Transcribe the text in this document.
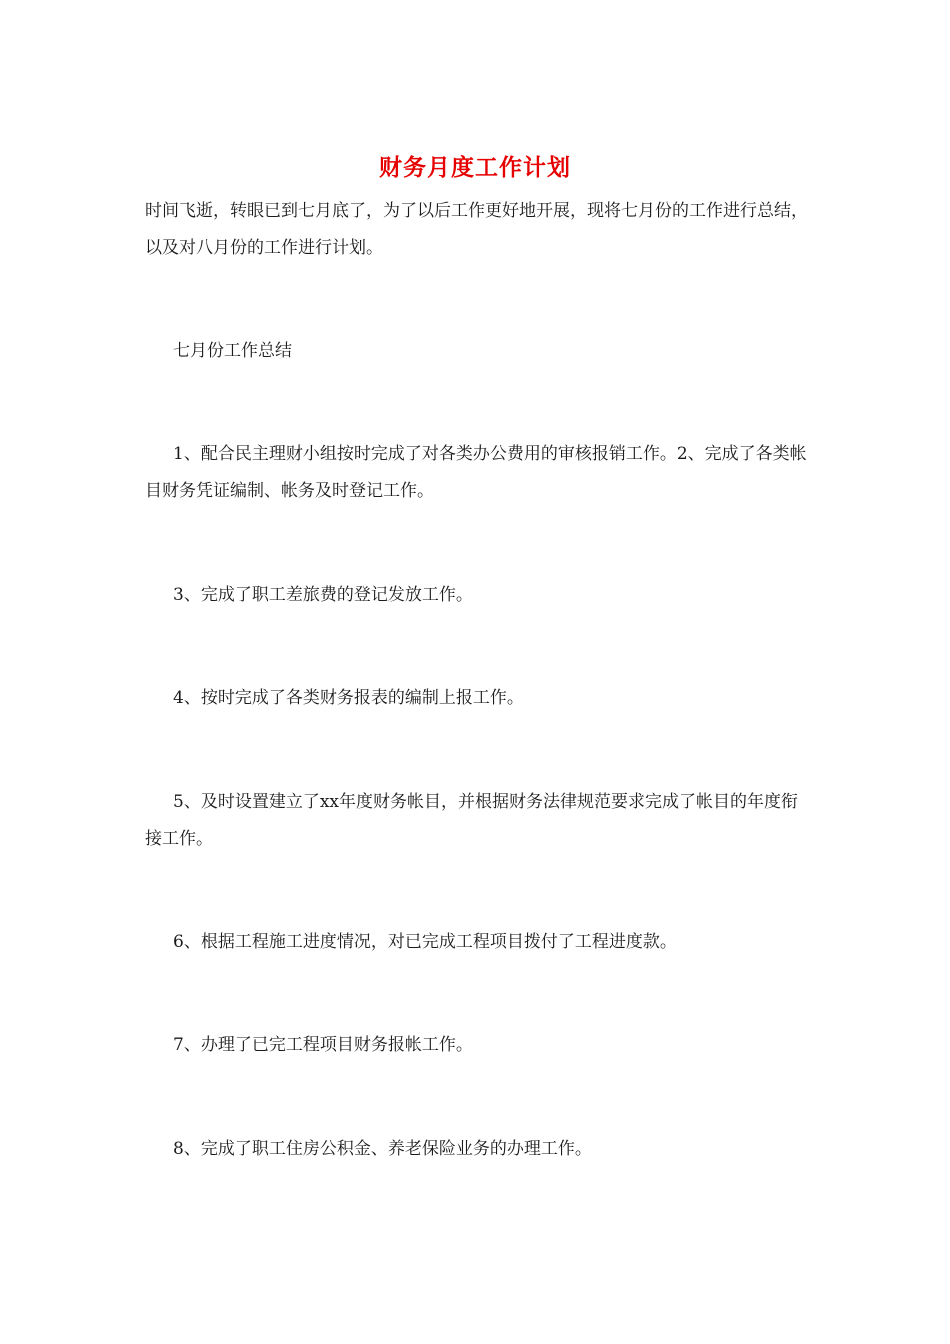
财务月度工作计划

时间飞逝，转眼已到七月底了，为了以后工作更好地开展，现将七月份的工作进行总结，以及对八月份的工作进行计划。

七月份工作总结

1、配合民主理财小组按时完成了对各类办公费用的审核报销工作。2、完成了各类帐目财务凭证编制、帐务及时登记工作。

3、完成了职工差旅费的登记发放工作。

4、按时完成了各类财务报表的编制上报工作。

5、及时设置建立了xx年度财务帐目，并根据财务法律规范要求完成了帐目的年度衔接工作。

6、根据工程施工进度情况，对已完成工程项目拨付了工程进度款。

7、办理了已完工程项目财务报帐工作。

8、完成了职工住房公积金、养老保险业务的办理工作。
